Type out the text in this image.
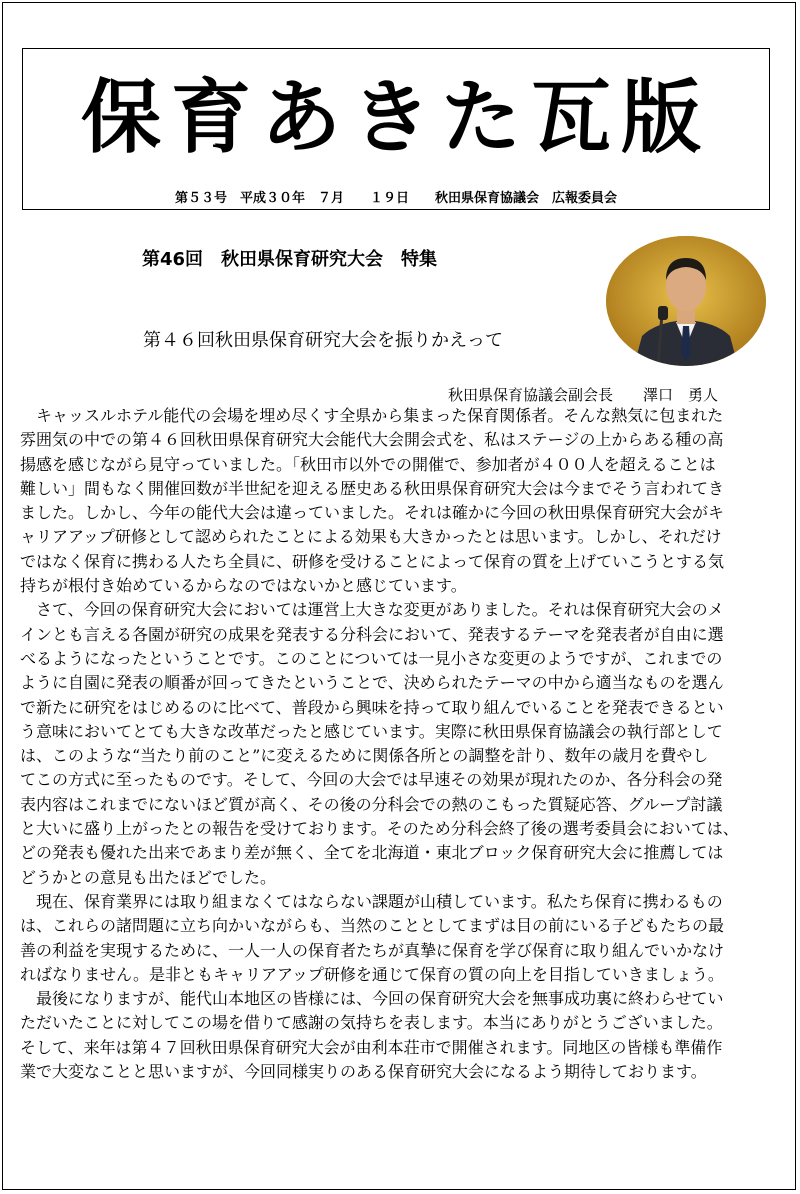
保育あきた瓦版
第５３号　平成３０年　７月　　１９日　　秋田県保育協議会　広報委員会
第46回　秋田県保育研究大会　特集
第４６回秋田県保育研究大会を振りかえって
秋田県保育協議会副会長　　澤口　勇人
　キャッスルホテル能代の会場を埋め尽くす全県から集まった保育関係者。そんな熱気に包まれた
雰囲気の中での第４６回秋田県保育研究大会能代大会開会式を、私はステージの上からある種の高
揚感を感じながら見守っていました。「秋田市以外での開催で、参加者が４００人を超えることは
難しい」間もなく開催回数が半世紀を迎える歴史ある秋田県保育研究大会は今までそう言われてき
ました。しかし、今年の能代大会は違っていました。それは確かに今回の秋田県保育研究大会がキ
ャリアアップ研修として認められたことによる効果も大きかったとは思います。しかし、それだけ
ではなく保育に携わる人たち全員に、研修を受けることによって保育の質を上げていこうとする気
持ちが根付き始めているからなのではないかと感じています。
　さて、今回の保育研究大会においては運営上大きな変更がありました。それは保育研究大会のメ
インとも言える各園が研究の成果を発表する分科会において、発表するテーマを発表者が自由に選
べるようになったということです。このことについては一見小さな変更のようですが、これまでの
ように自園に発表の順番が回ってきたということで、決められたテーマの中から適当なものを選ん
で新たに研究をはじめるのに比べて、普段から興味を持って取り組んでいることを発表できるとい
う意味においてとても大きな改革だったと感じています。実際に秋田県保育協議会の執行部として
は、このような“当たり前のこと”に変えるために関係各所との調整を計り、数年の歳月を費やし
てこの方式に至ったものです。そして、今回の大会では早速その効果が現れたのか、各分科会の発
表内容はこれまでにないほど質が高く、その後の分科会での熱のこもった質疑応答、グループ討議
と大いに盛り上がったとの報告を受けております。そのため分科会終了後の選考委員会においては、
どの発表も優れた出来であまり差が無く、全てを北海道・東北ブロック保育研究大会に推薦しては
どうかとの意見も出たほどでした。
　現在、保育業界には取り組まなくてはならない課題が山積しています。私たち保育に携わるもの
は、これらの諸問題に立ち向かいながらも、当然のこととしてまずは目の前にいる子どもたちの最
善の利益を実現するために、一人一人の保育者たちが真摯に保育を学び保育に取り組んでいかなけ
ればなりません。是非ともキャリアアップ研修を通じて保育の質の向上を目指していきましょう。
　最後になりますが、能代山本地区の皆様には、今回の保育研究大会を無事成功裏に終わらせてい
ただいたことに対してこの場を借りて感謝の気持ちを表します。本当にありがとうございました。
そして、来年は第４７回秋田県保育研究大会が由利本荘市で開催されます。同地区の皆様も準備作
業で大変なことと思いますが、今回同様実りのある保育研究大会になるよう期待しております。
